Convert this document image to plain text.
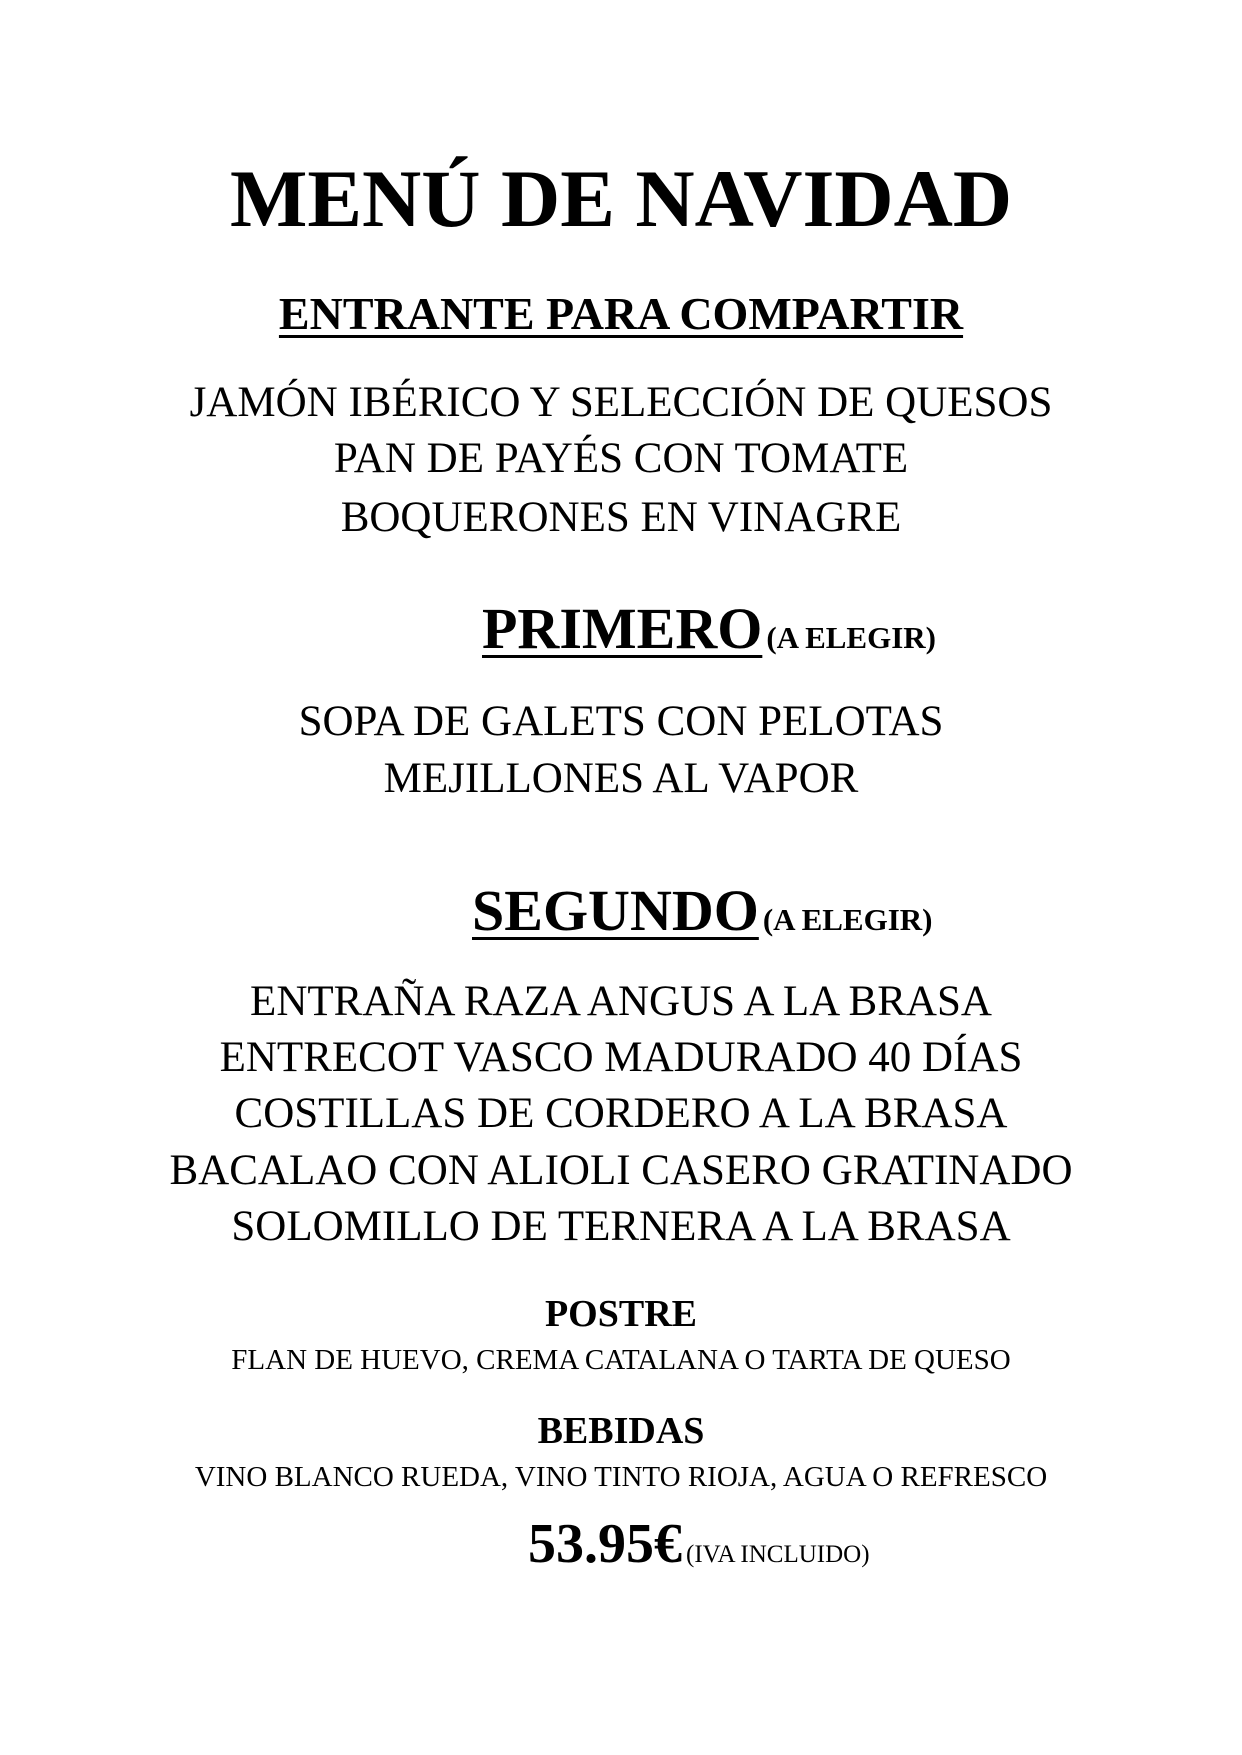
MENÚ DE NAVIDAD
ENTRANTE PARA COMPARTIR
JAMÓN IBÉRICO Y SELECCIÓN DE QUESOS
PAN DE PAYÉS CON TOMATE
BOQUERONES EN VINAGRE
PRIMERO (A ELEGIR)
SOPA DE GALETS CON PELOTAS
MEJILLONES AL VAPOR
SEGUNDO (A ELEGIR)
ENTRAÑA RAZA ANGUS A LA BRASA
ENTRECOT VASCO MADURADO 40 DÍAS
COSTILLAS DE CORDERO A LA BRASA
BACALAO CON ALIOLI CASERO GRATINADO
SOLOMILLO DE TERNERA A LA BRASA
POSTRE
FLAN DE HUEVO, CREMA CATALANA O TARTA DE QUESO
BEBIDAS
VINO BLANCO RUEDA, VINO TINTO RIOJA, AGUA O REFRESCO
53.95€ (IVA INCLUIDO)
